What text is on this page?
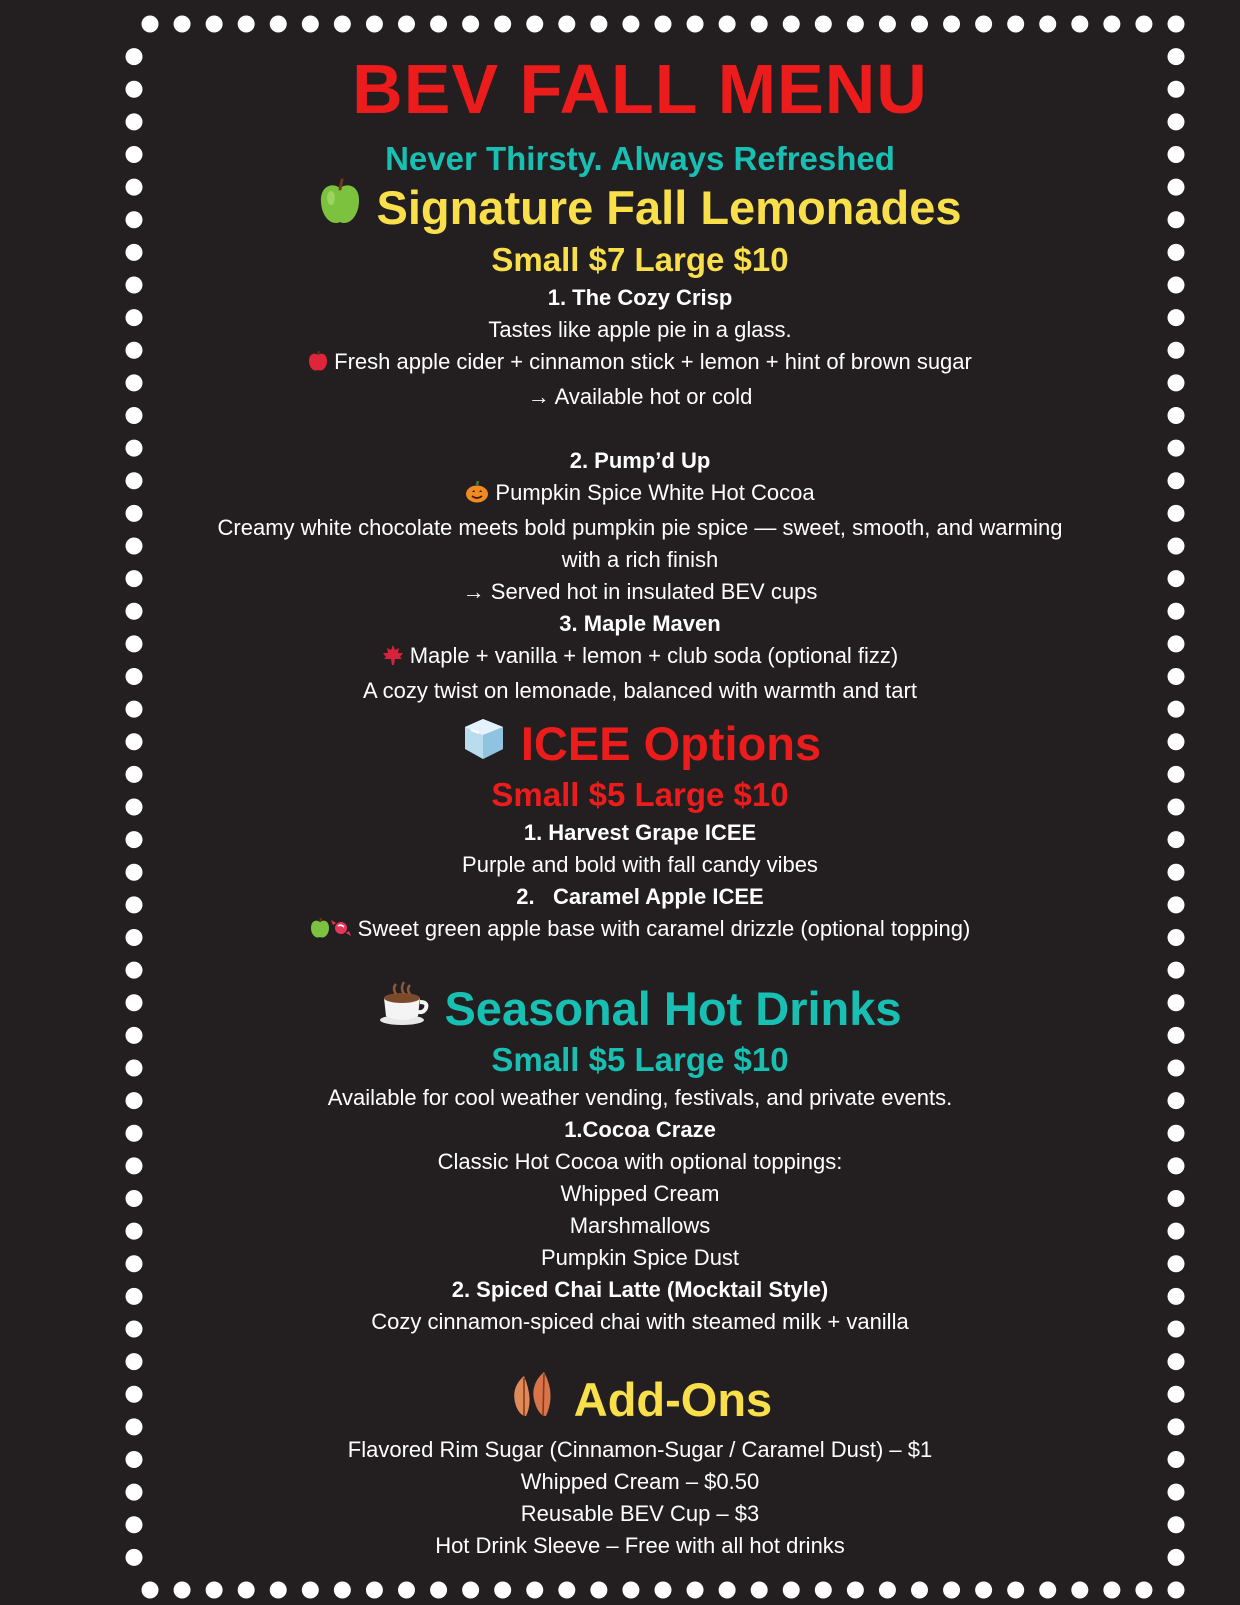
BEV FALL MENU
Never Thirsty. Always Refreshed
Signature Fall Lemonades
Small $7 Large $10
1. The Cozy Crisp
Tastes like apple pie in a glass.
Fresh apple cider + cinnamon stick + lemon + hint of brown sugar
→ Available hot or cold
2. Pump’d Up
Pumpkin Spice White Hot Cocoa
Creamy white chocolate meets bold pumpkin pie spice — sweet, smooth, and warming
with a rich finish
→ Served hot in insulated BEV cups
3. Maple Maven
Maple + vanilla + lemon + club soda (optional fizz)
A cozy twist on lemonade, balanced with warmth and tart
ICEE Options
Small $5 Large $10
1. Harvest Grape ICEE
Purple and bold with fall candy vibes
2.   Caramel Apple ICEE
Sweet green apple base with caramel drizzle (optional topping)
Seasonal Hot Drinks
Small $5 Large $10
Available for cool weather vending, festivals, and private events.
1.Cocoa Craze
Classic Hot Cocoa with optional toppings:
Whipped Cream
Marshmallows
Pumpkin Spice Dust
2. Spiced Chai Latte (Mocktail Style)
Cozy cinnamon-spiced chai with steamed milk + vanilla
Add-Ons
Flavored Rim Sugar (Cinnamon-Sugar / Caramel Dust) – $1
Whipped Cream – $0.50
Reusable BEV Cup – $3
Hot Drink Sleeve – Free with all hot drinks
